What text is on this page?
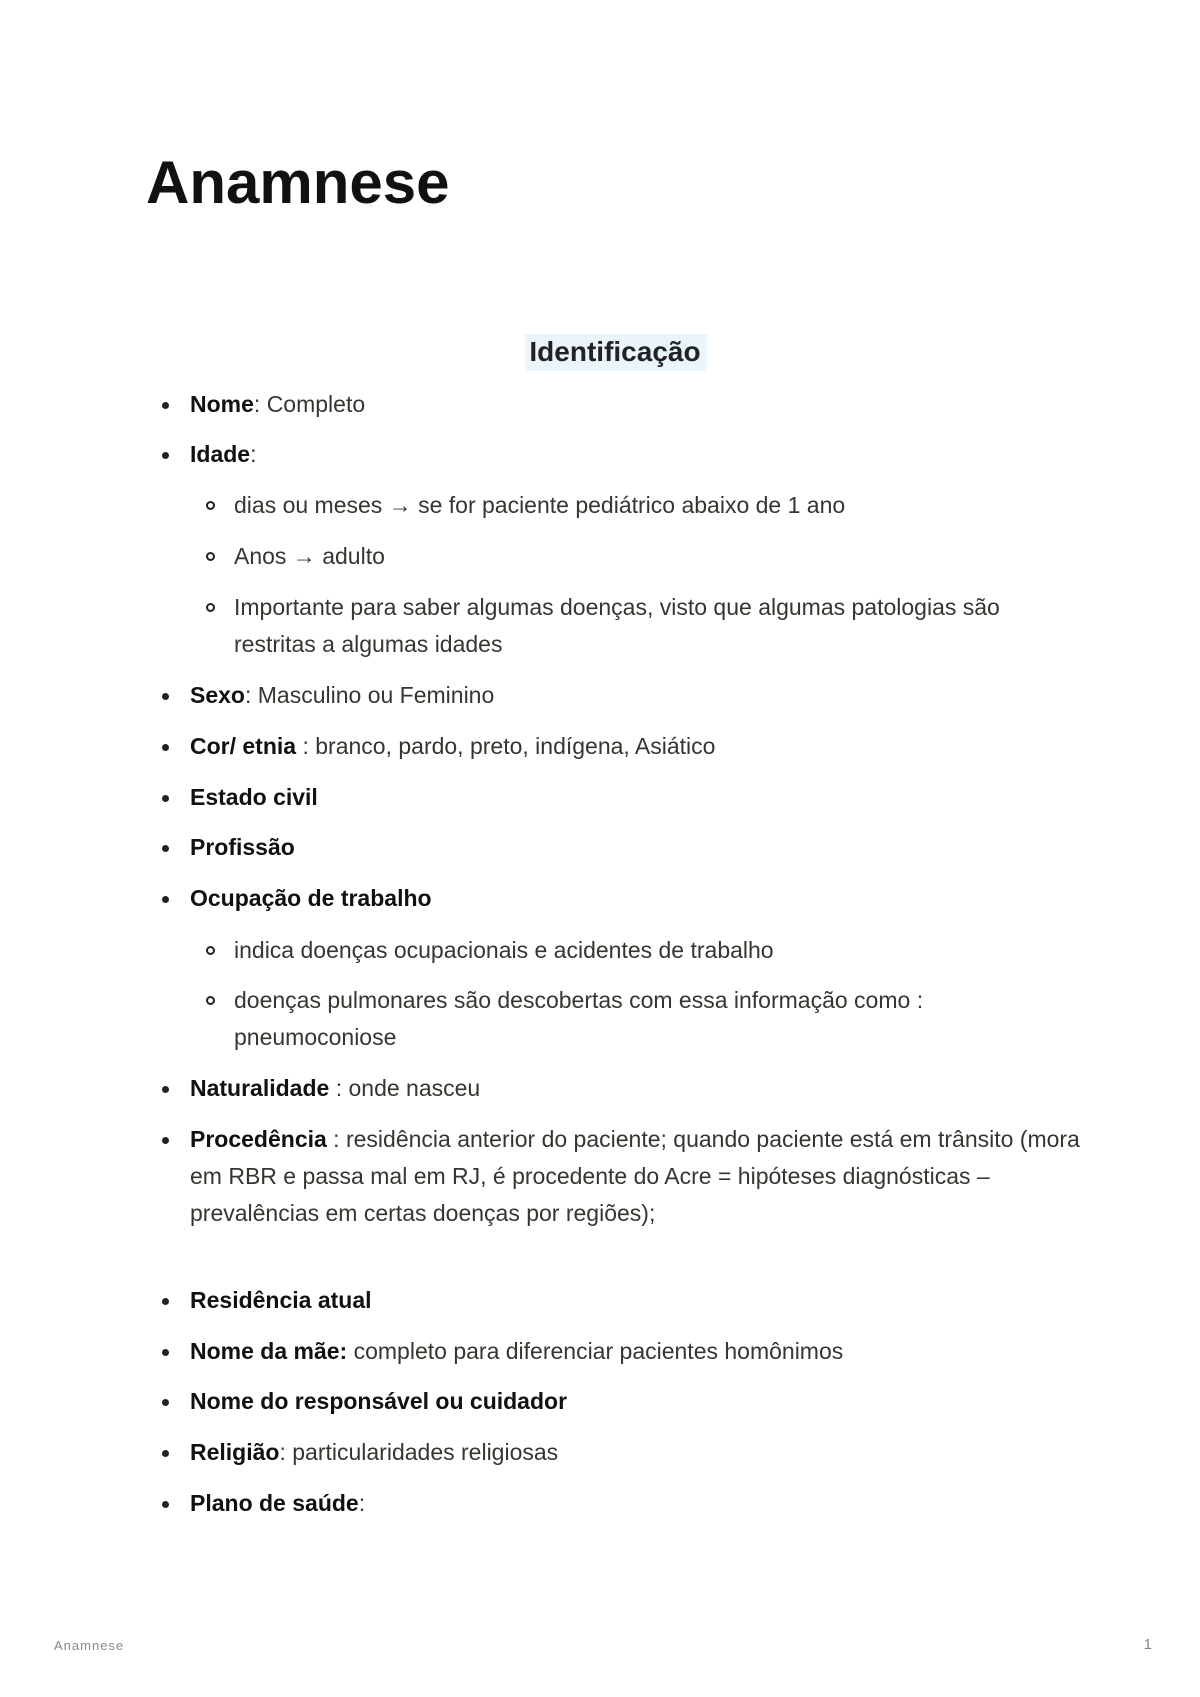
Anamnese
Identificação
Nome: Completo
Idade:
dias ou meses → se for paciente pediátrico abaixo de 1 ano
Anos → adulto
Importante para saber algumas doenças, visto que algumas patologias são restritas a algumas idades
Sexo: Masculino ou Feminino
Cor/ etnia : branco, pardo, preto, indígena, Asiático
Estado civil
Profissão
Ocupação de trabalho
indica doenças ocupacionais e acidentes de trabalho
doenças pulmonares são descobertas com essa informação como : pneumoconiose
Naturalidade : onde nasceu
Procedência : residência anterior do paciente; quando paciente está em trânsito (mora em RBR e passa mal em RJ, é procedente do Acre = hipóteses diagnósticas –
prevalências em certas doenças por regiões);
Residência atual
Nome da mãe: completo para diferenciar pacientes homônimos
Nome do responsável ou cuidador
Religião: particularidades religiosas
Plano de saúde:
Anamnese	1
